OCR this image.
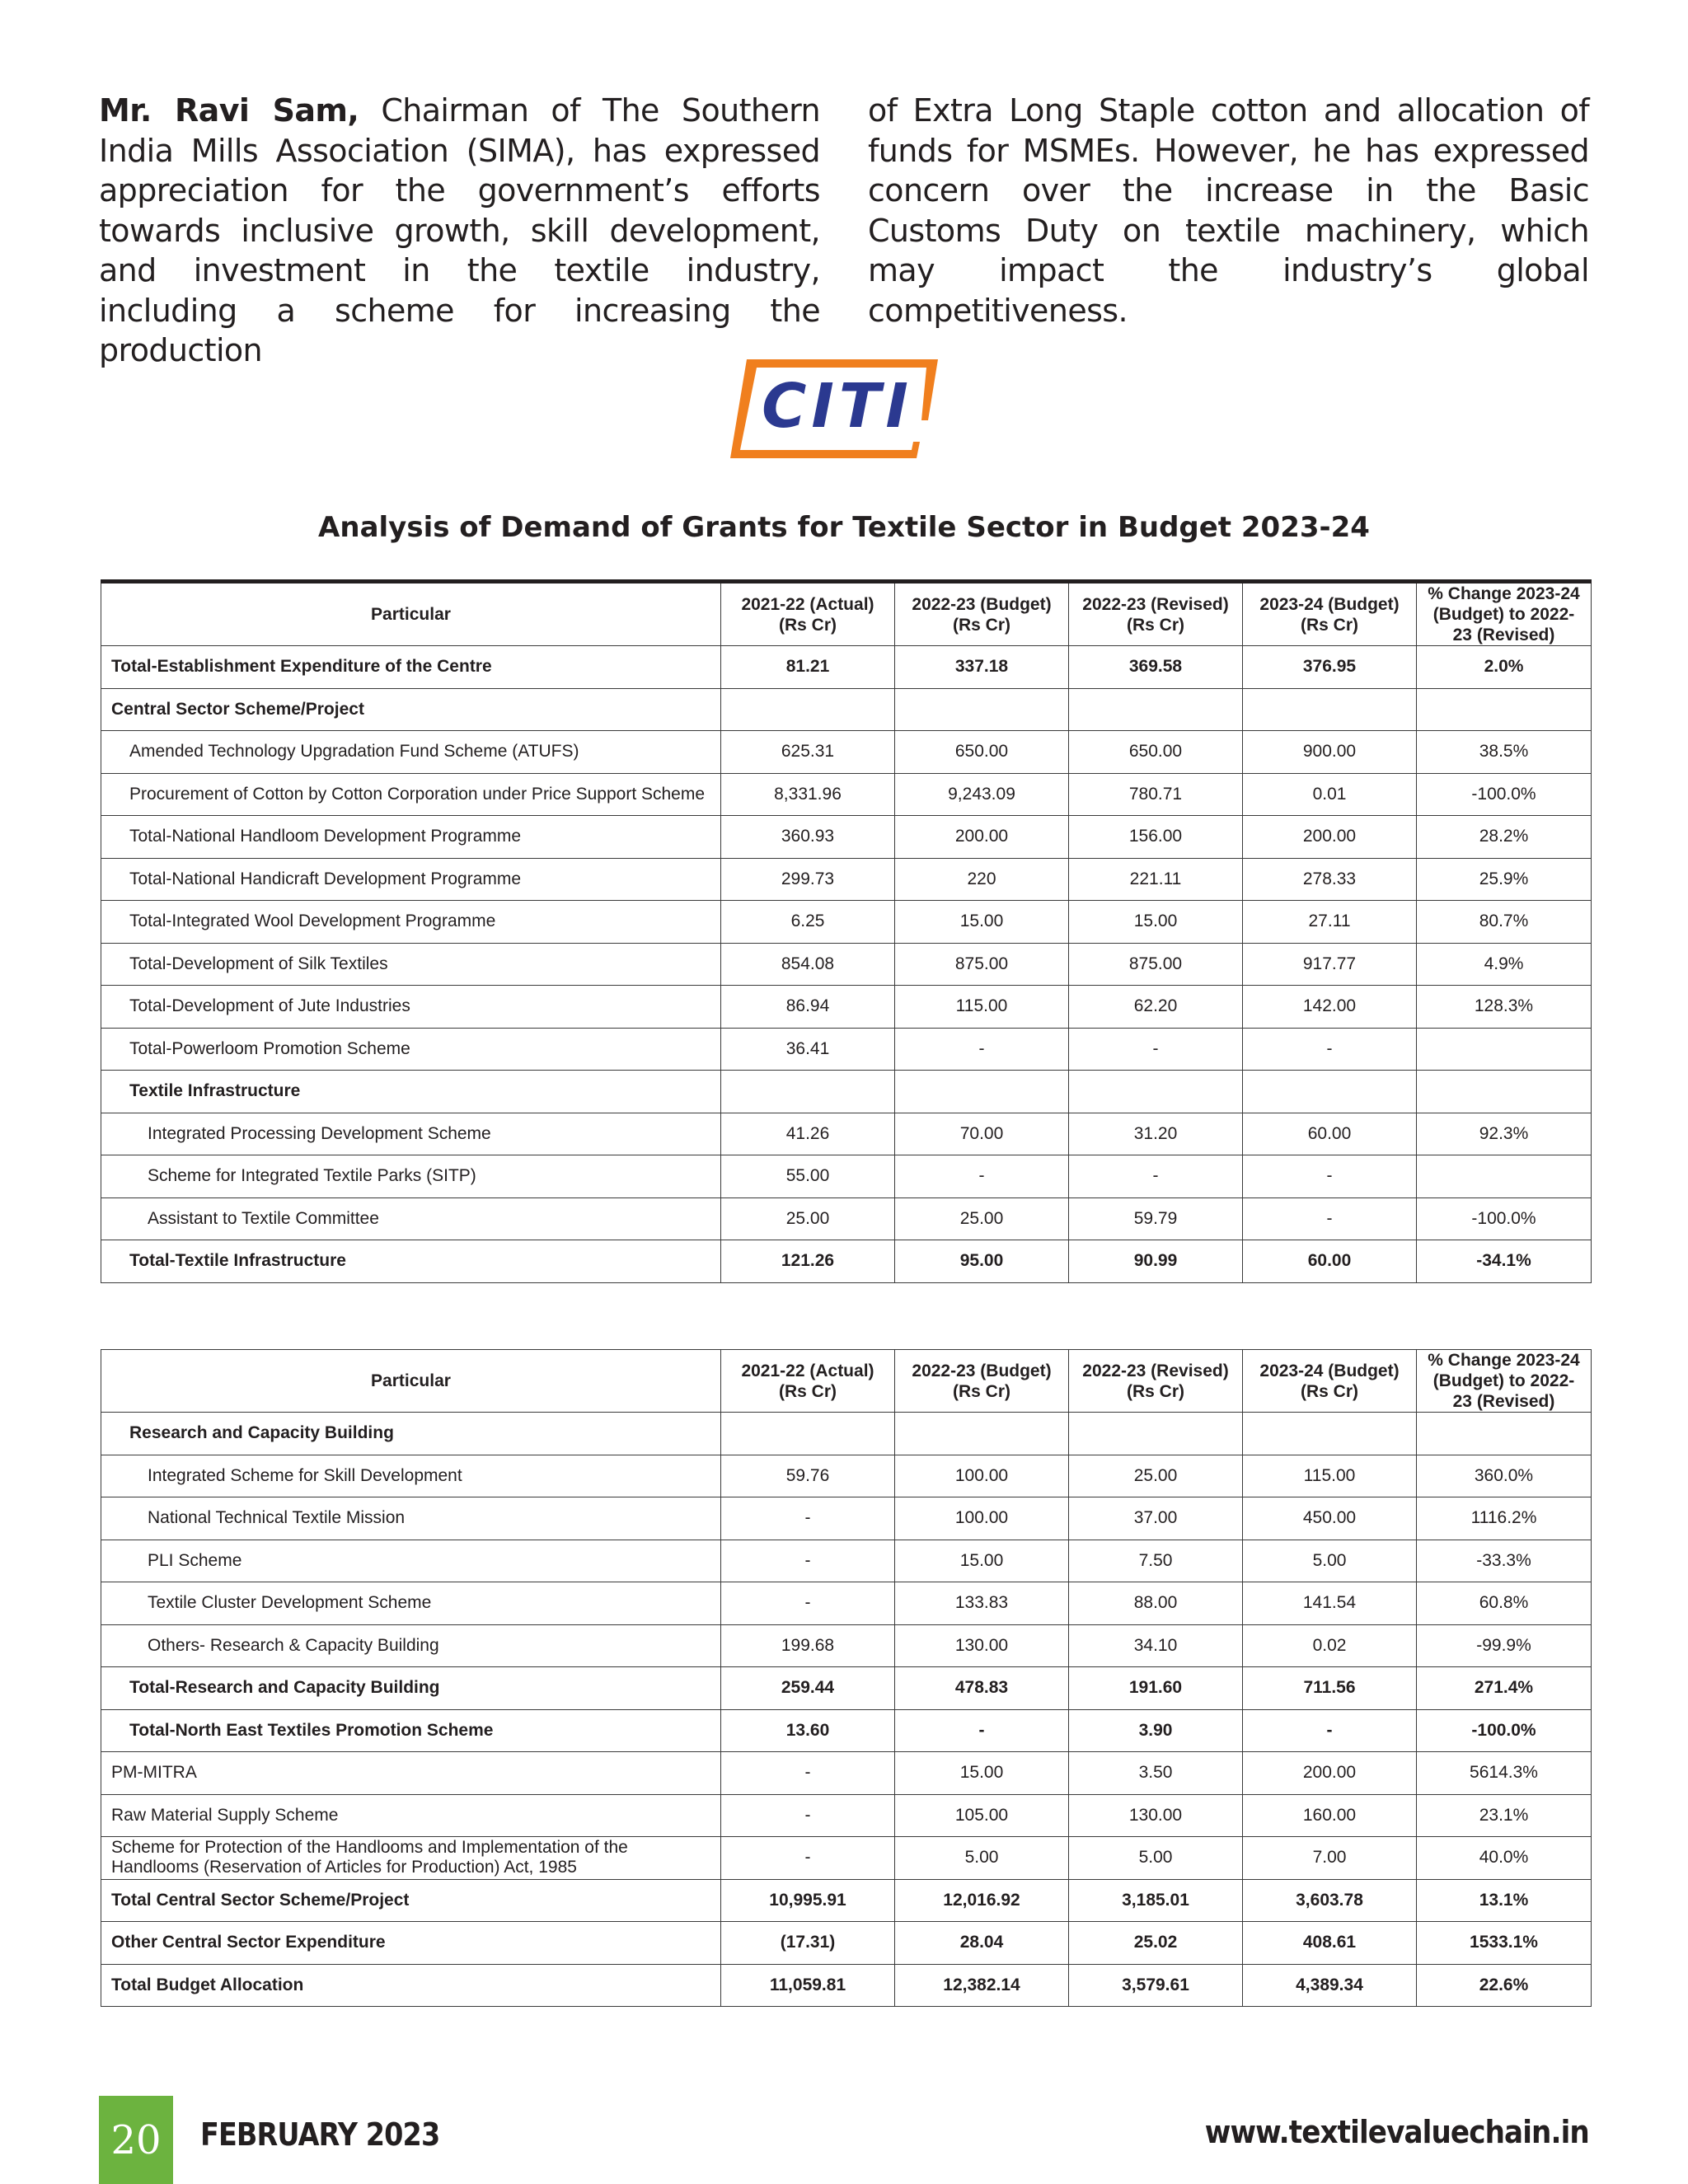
Mr. Ravi Sam, Chairman of The Southern India Mills Association (SIMA), has expressed appreciation for the government’s efforts towards inclusive growth, skill development, and investment in the textile industry, including a scheme for increasing the production
of Extra Long Staple cotton and allocation of funds for MSMEs. However, he has expressed concern over the increase in the Basic Customs Duty on textile machinery, which may impact the industry’s global competitiveness.
CITI
Analysis of Demand of Grants for Textile Sector in Budget 2023-24
Particular	2021-22 (Actual) (Rs Cr)	2022-23 (Budget) (Rs Cr)	2022-23 (Revised) (Rs Cr)	2023-24 (Budget) (Rs Cr)	% Change 2023-24 (Budget) to 2022-23 (Revised)
Total-Establishment Expenditure of the Centre	81.21	337.18	369.58	376.95	2.0%
Central Sector Scheme/Project					
Amended Technology Upgradation Fund Scheme (ATUFS)	625.31	650.00	650.00	900.00	38.5%
Procurement of Cotton by Cotton Corporation under Price Support Scheme	8,331.96	9,243.09	780.71	0.01	-100.0%
Total-National Handloom Development Programme	360.93	200.00	156.00	200.00	28.2%
Total-National Handicraft Development Programme	299.73	220	221.11	278.33	25.9%
Total-Integrated Wool Development Programme	6.25	15.00	15.00	27.11	80.7%
Total-Development of Silk Textiles	854.08	875.00	875.00	917.77	4.9%
Total-Development of Jute Industries	86.94	115.00	62.20	142.00	128.3%
Total-Powerloom Promotion Scheme	36.41	-	-	-	
Textile Infrastructure					
Integrated Processing Development Scheme	41.26	70.00	31.20	60.00	92.3%
Scheme for Integrated Textile Parks (SITP)	55.00	-	-	-	
Assistant to Textile Committee	25.00	25.00	59.79	-	-100.0%
Total-Textile Infrastructure	121.26	95.00	90.99	60.00	-34.1%
Particular	2021-22 (Actual) (Rs Cr)	2022-23 (Budget) (Rs Cr)	2022-23 (Revised) (Rs Cr)	2023-24 (Budget) (Rs Cr)	% Change 2023-24 (Budget) to 2022-23 (Revised)
Research and Capacity Building					
Integrated Scheme for Skill Development	59.76	100.00	25.00	115.00	360.0%
National Technical Textile Mission	-	100.00	37.00	450.00	1116.2%
PLI Scheme	-	15.00	7.50	5.00	-33.3%
Textile Cluster Development Scheme	-	133.83	88.00	141.54	60.8%
Others- Research & Capacity Building	199.68	130.00	34.10	0.02	-99.9%
Total-Research and Capacity Building	259.44	478.83	191.60	711.56	271.4%
Total-North East Textiles Promotion Scheme	13.60	-	3.90	-	-100.0%
PM-MITRA	-	15.00	3.50	200.00	5614.3%
Raw Material Supply Scheme	-	105.00	130.00	160.00	23.1%
Scheme for Protection of the Handlooms and Implementation of the Handlooms (Reservation of Articles for Production) Act, 1985	-	5.00	5.00	7.00	40.0%
Total Central Sector Scheme/Project	10,995.91	12,016.92	3,185.01	3,603.78	13.1%
Other Central Sector Expenditure	(17.31)	28.04	25.02	408.61	1533.1%
Total Budget Allocation	11,059.81	12,382.14	3,579.61	4,389.34	22.6%
20	FEBRUARY 2023	www.textilevaluechain.in
